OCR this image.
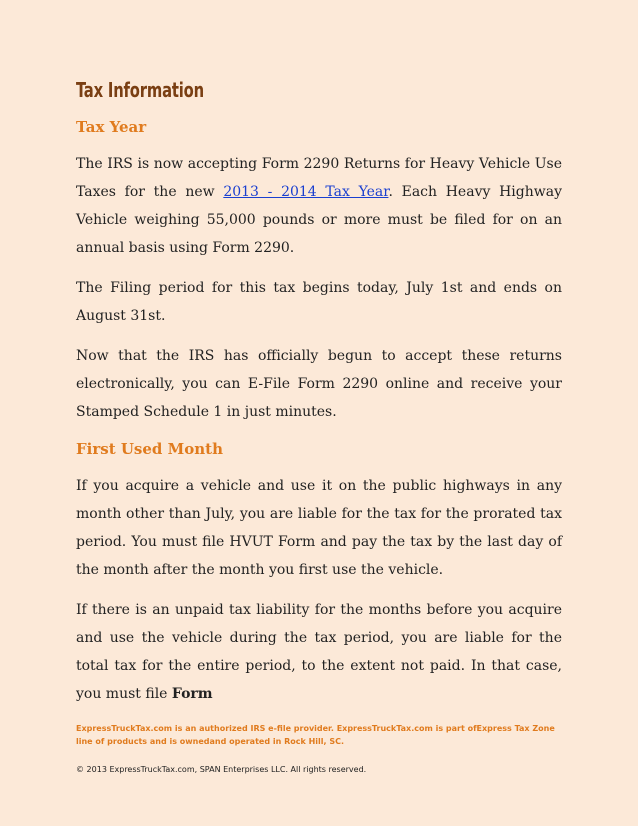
Tax Information
Tax Year

The IRS is now accepting Form 2290 Returns for Heavy Vehicle Use Taxes for the new 2013 - 2014 Tax Year. Each Heavy Highway Vehicle weighing 55,000 pounds or more must be filed for on an annual basis using Form 2290.

The Filing period for this tax begins today, July 1st and ends on August 31st.

Now that the IRS has officially begun to accept these returns electronically, you can E-File Form 2290 online and receive your Stamped Schedule 1 in just minutes.

First Used Month

If you acquire a vehicle and use it on the public highways in any month other than July, you are liable for the tax for the prorated tax period. You must file HVUT Form and pay the tax by the last day of the month after the month you first use the vehicle.

If there is an unpaid tax liability for the months before you acquire and use the vehicle during the tax period, you are liable for the total tax for the entire period, to the extent not paid. In that case, you must file Form

ExpressTruckTax.com is an authorized IRS e-file provider. ExpressTruckTax.com is part ofExpress Tax Zone line of products and is ownedand operated in Rock Hill, SC.

© 2013 ExpressTruckTax.com, SPAN Enterprises LLC. All rights reserved.
